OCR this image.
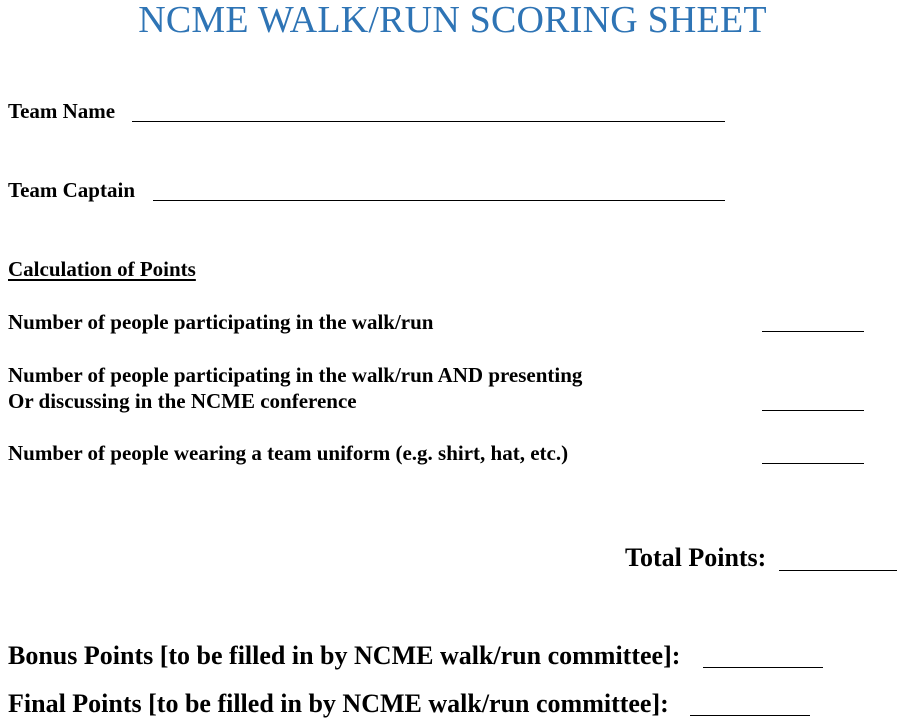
NCME WALK/RUN SCORING SHEET
Team Name
Team Captain
Calculation of Points
Number of people participating in the walk/run
Number of people participating in the walk/run AND presenting
Or discussing in the NCME conference
Number of people wearing a team uniform (e.g. shirt, hat, etc.)
Total Points:
Bonus Points [to be filled in by NCME walk/run committee]:
Final Points [to be filled in by NCME walk/run committee]:
